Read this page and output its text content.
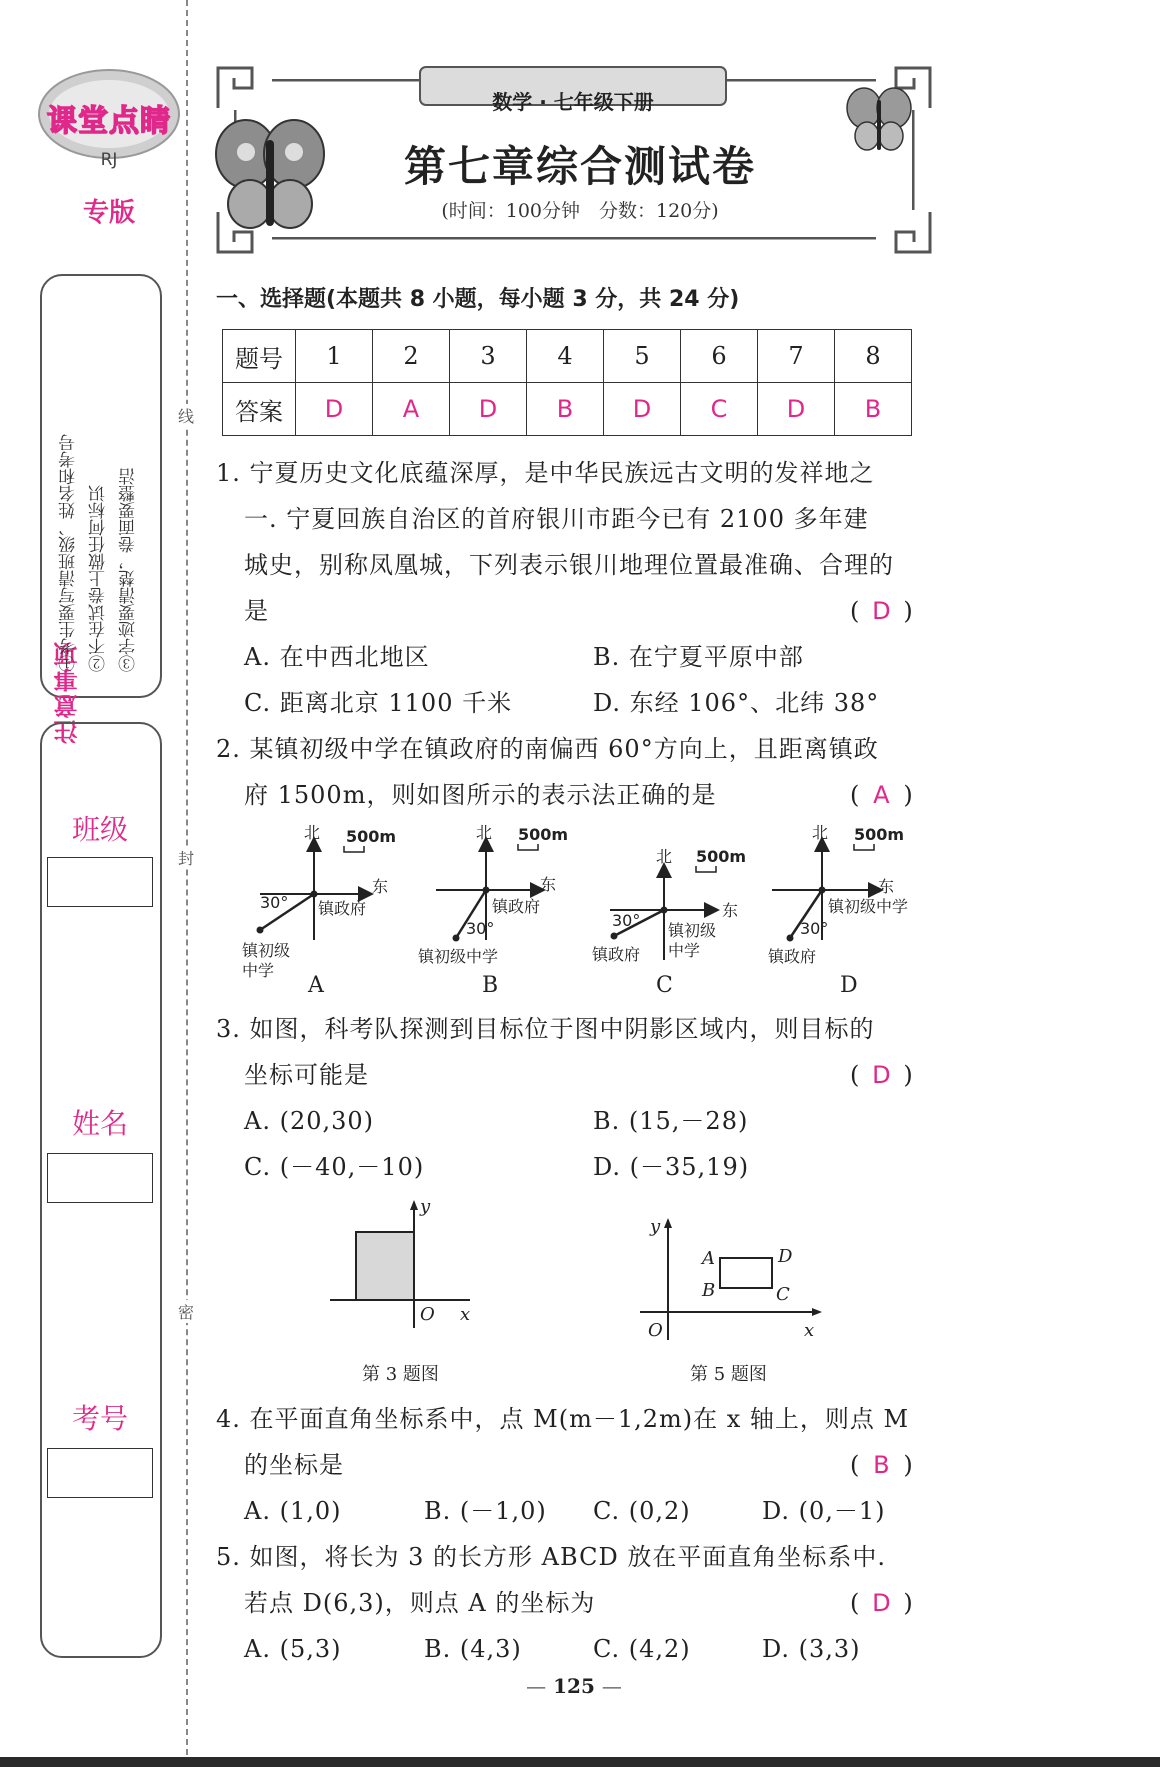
课堂点睛
RJ
专版
注意事项
①考生要写清班级、姓名和考号 ②不在试卷上做任何标识 ③字迹要清楚，卷面要整洁
班级
姓名
考号
线
封
密
数学 · 七年级下册
第七章综合测试卷
(时间：100分钟　分数：120分)
一、选择题(本题共 8 小题，每小题 3 分，共 24 分)
题号	1	2	3	4	5	6	7	8
答案	D	A	D	B	D	C	D	B
1. 宁夏历史文化底蕴深厚，是中华民族远古文明的发祥地之
一. 宁夏回族自治区的首府银川市距今已有 2100 多年建
城史，别称凤凰城，下列表示银川地理位置最准确、合理的
是	( D )
A. 在中西北地区	B. 在宁夏平原中部
C. 距离北京 1100 千米	D. 东经 106°、北纬 38°
2. 某镇初级中学在镇政府的南偏西 60°方向上，且距离镇政
府 1500m，则如图所示的表示法正确的是	( A )
北 500m
东
30° 镇政府
镇初级
中学
北 500m
东
镇政府
30°
镇初级中学
北 500m
东
30°
镇初级
中学
镇政府
北 500m
东
镇初级中学
30°
镇政府
A	B	C	D
3. 如图，科考队探测到目标位于图中阴影区域内，则目标的
坐标可能是	( D )
A. (20,30)	B. (15,－28)
C. (－40,－10)	D. (－35,19)
y
O x
第 3 题图
y
O	x
A
B	C
D
第 5 题图
4. 在平面直角坐标系中，点 M(m－1,2m)在 x 轴上，则点 M
的坐标是	( B )
A. (1,0)	B. (－1,0) C. (0,2)	D. (0,－1)
5. 如图，将长为 3 的长方形 ABCD 放在平面直角坐标系中.
若点 D(6,3)，则点 A 的坐标为	( D )
A. (5,3)	B. (4,3)	C. (4,2)	D. (3,3)
— 125 —
